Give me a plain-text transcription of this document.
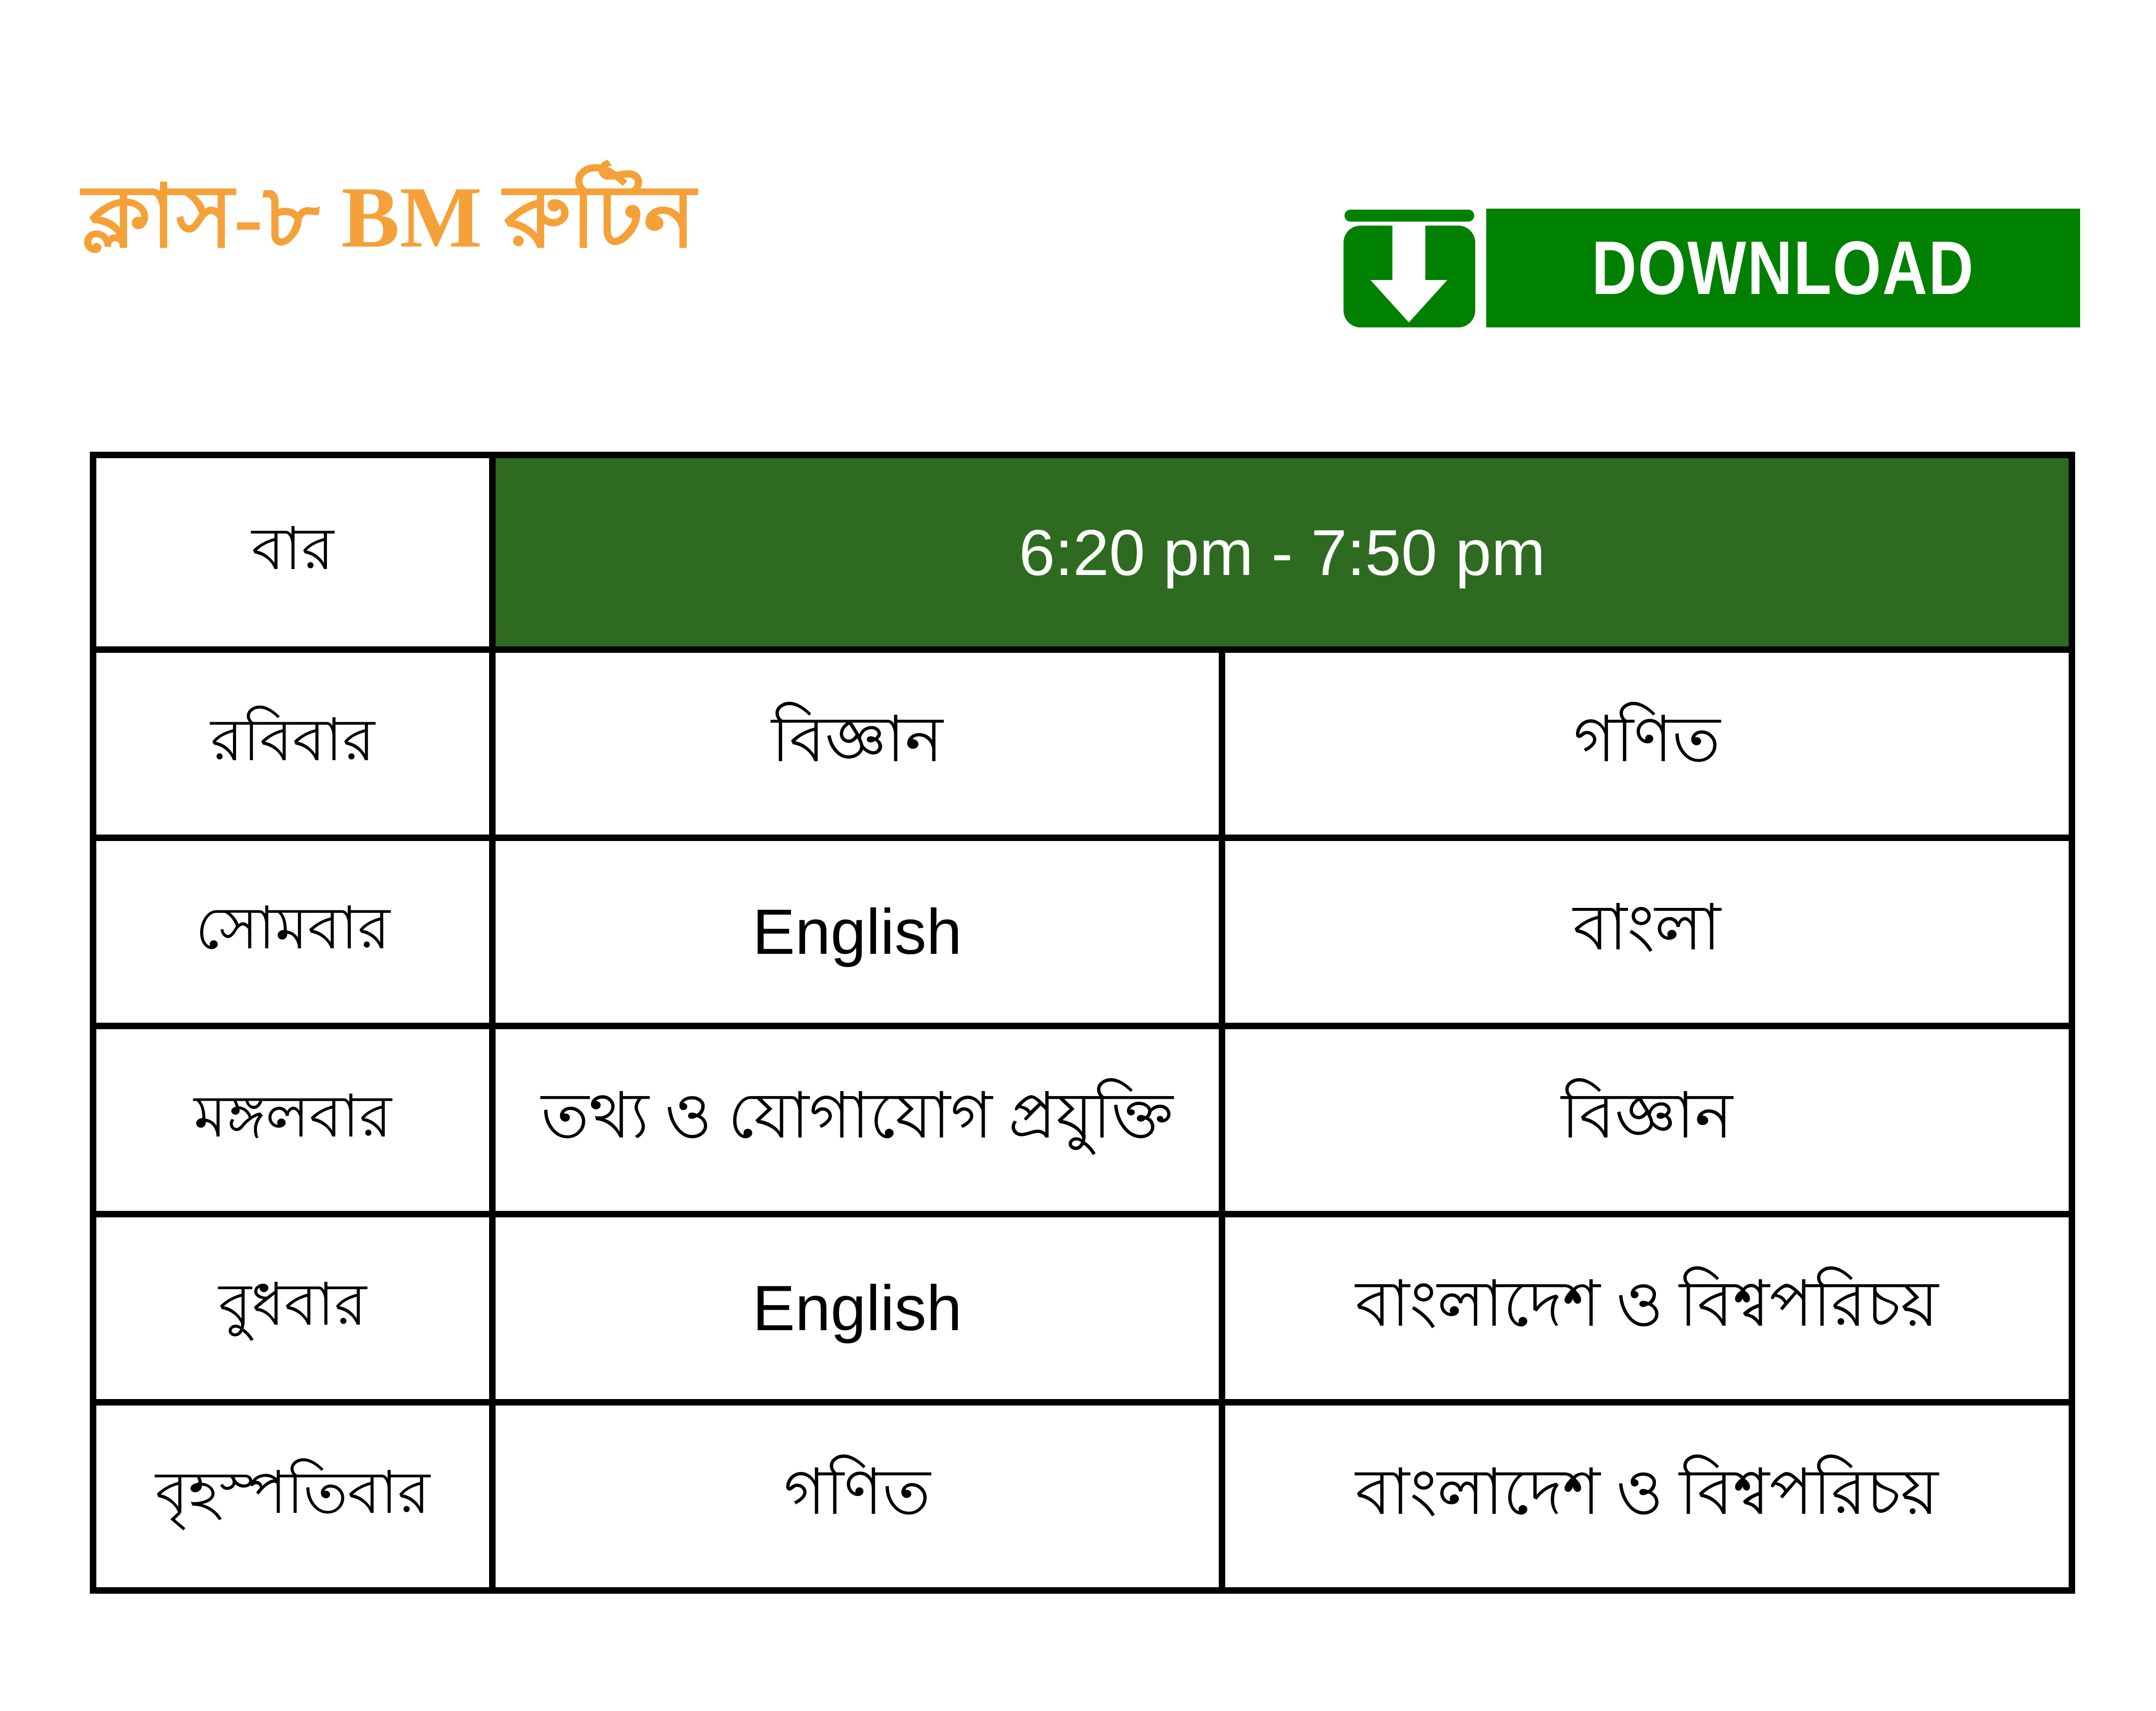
ক্লাস-৮ BM রুটিন
DOWNLOAD
বার	6:20 pm - 7:50 pm	
রবিবার	বিজ্ঞান	গণিত
সোমবার	English	বাংলা
মঙ্গলবার	তথ্য ও যোগাযোগ প্রযুক্তি	বিজ্ঞান
বুধবার	English	বাংলাদেশ ও বিশ্বপরিচয়
বৃহস্পতিবার	গণিত	বাংলাদেশ ও বিশ্বপরিচয়
